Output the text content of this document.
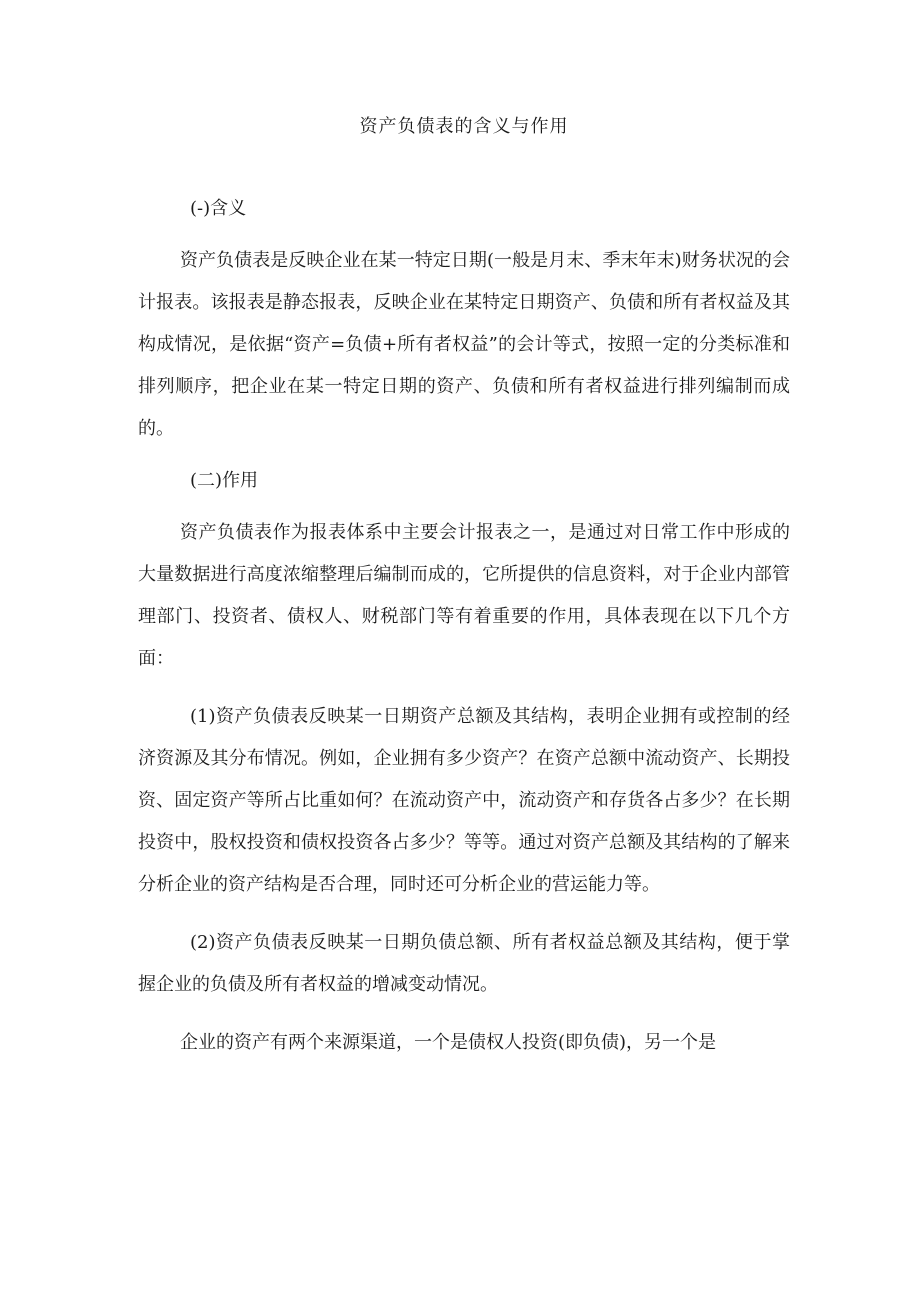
资产负债表的含义与作用
(-)含义

资产负债表是反映企业在某一特定日期(一般是月末、季末年末)财务状况的会计报表。该报表是静态报表，反映企业在某特定日期资产、负债和所有者权益及其构成情况，是依据“资产=负债+所有者权益”的会计等式，按照一定的分类标准和排列顺序，把企业在某一特定日期的资产、负债和所有者权益进行排列编制而成的。

(二)作用

资产负债表作为报表体系中主要会计报表之一，是通过对日常工作中形成的大量数据进行高度浓缩整理后编制而成的，它所提供的信息资料，对于企业内部管理部门、投资者、债权人、财税部门等有着重要的作用，具体表现在以下几个方面：

(1)资产负债表反映某一日期资产总额及其结构，表明企业拥有或控制的经济资源及其分布情况。例如，企业拥有多少资产？在资产总额中流动资产、长期投资、固定资产等所占比重如何？在流动资产中，流动资产和存货各占多少？在长期投资中，股权投资和债权投资各占多少？等等。通过对资产总额及其结构的了解来分析企业的资产结构是否合理，同时还可分析企业的营运能力等。

(2)资产负债表反映某一日期负债总额、所有者权益总额及其结构，便于掌握企业的负债及所有者权益的增减变动情况。

企业的资产有两个来源渠道，一个是债权人投资(即负债)，另一个是
